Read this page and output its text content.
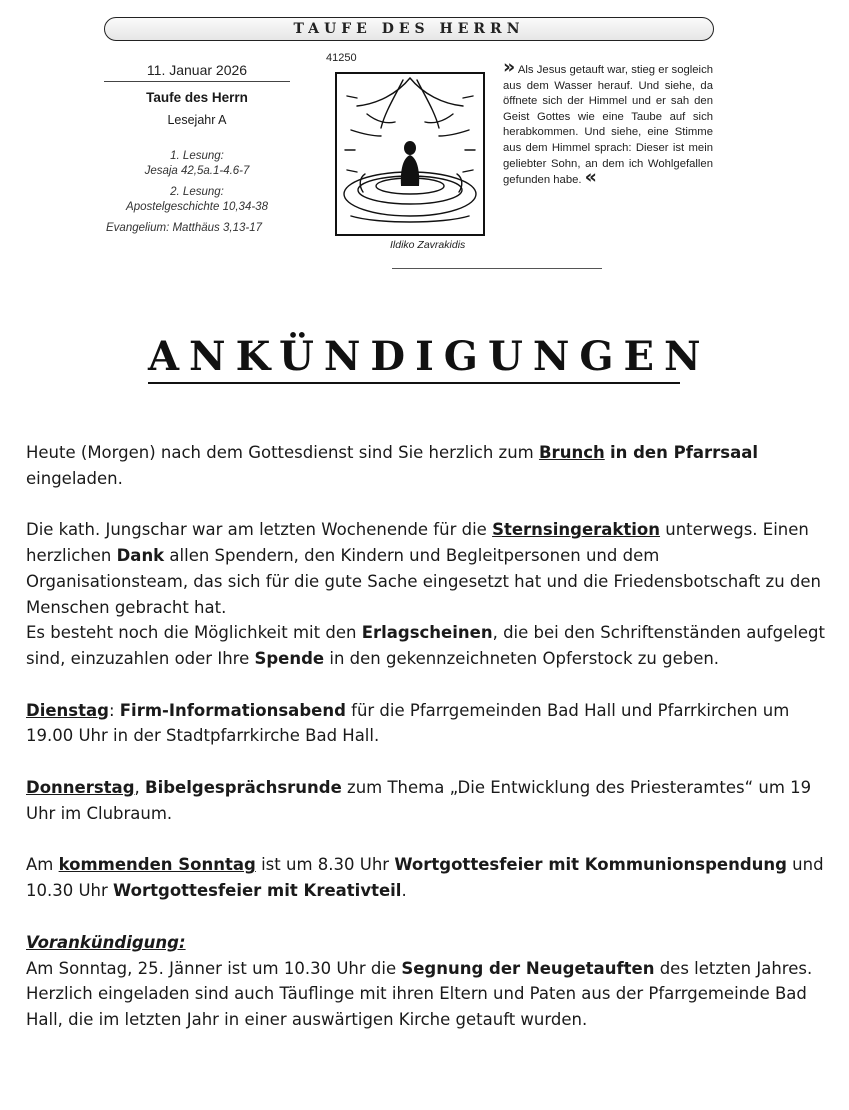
TAUFE DES HERRN
11. Januar 2026
Taufe des Herrn
Lesejahr A
1. Lesung:
Jesaja 42,5a.1-4.6-7
2. Lesung:
Apostelgeschichte 10,34-38
Evangelium: Matthäus 3,13-17
41250
Ildiko Zavrakidis
» Als Jesus getauft war, stieg er sogleich aus dem Wasser herauf. Und siehe, da öffnete sich der Himmel und er sah den Geist Gottes wie eine Taube auf sich herabkommen. Und siehe, eine Stimme aus dem Himmel sprach: Dieser ist mein geliebter Sohn, an dem ich Wohlgefallen gefunden habe. «
ANKÜNDIGUNGEN

Heute (Morgen) nach dem Gottesdienst sind Sie herzlich zum Brunch in den Pfarrsaal eingeladen.

Die kath. Jungschar war am letzten Wochenende für die Sternsingeraktion unterwegs. Einen herzlichen Dank allen Spendern, den Kindern und Begleitpersonen und dem Organisationsteam, das sich für die gute Sache eingesetzt hat und die Friedensbotschaft zu den Menschen gebracht hat.

Es besteht noch die Möglichkeit mit den Erlagscheinen, die bei den Schriftenständen aufgelegt sind, einzuzahlen oder Ihre Spende in den gekennzeichneten Opferstock zu geben.

Dienstag: Firm-Informationsabend für die Pfarrgemeinden Bad Hall und Pfarrkirchen um 19.00 Uhr in der Stadtpfarrkirche Bad Hall.

Donnerstag, Bibelgesprächsrunde zum Thema „Die Entwicklung des Priesteramtes“ um 19 Uhr im Clubraum.

Am kommenden Sonntag ist um 8.30 Uhr Wortgottesfeier mit Kommunionspendung und 10.30 Uhr Wortgottesfeier mit Kreativteil.

Vorankündigung:

Am Sonntag, 25. Jänner ist um 10.30 Uhr die Segnung der Neugetauften des letzten Jahres. Herzlich eingeladen sind auch Täuflinge mit ihren Eltern und Paten aus der Pfarrgemeinde Bad Hall, die im letzten Jahr in einer auswärtigen Kirche getauft wurden.
